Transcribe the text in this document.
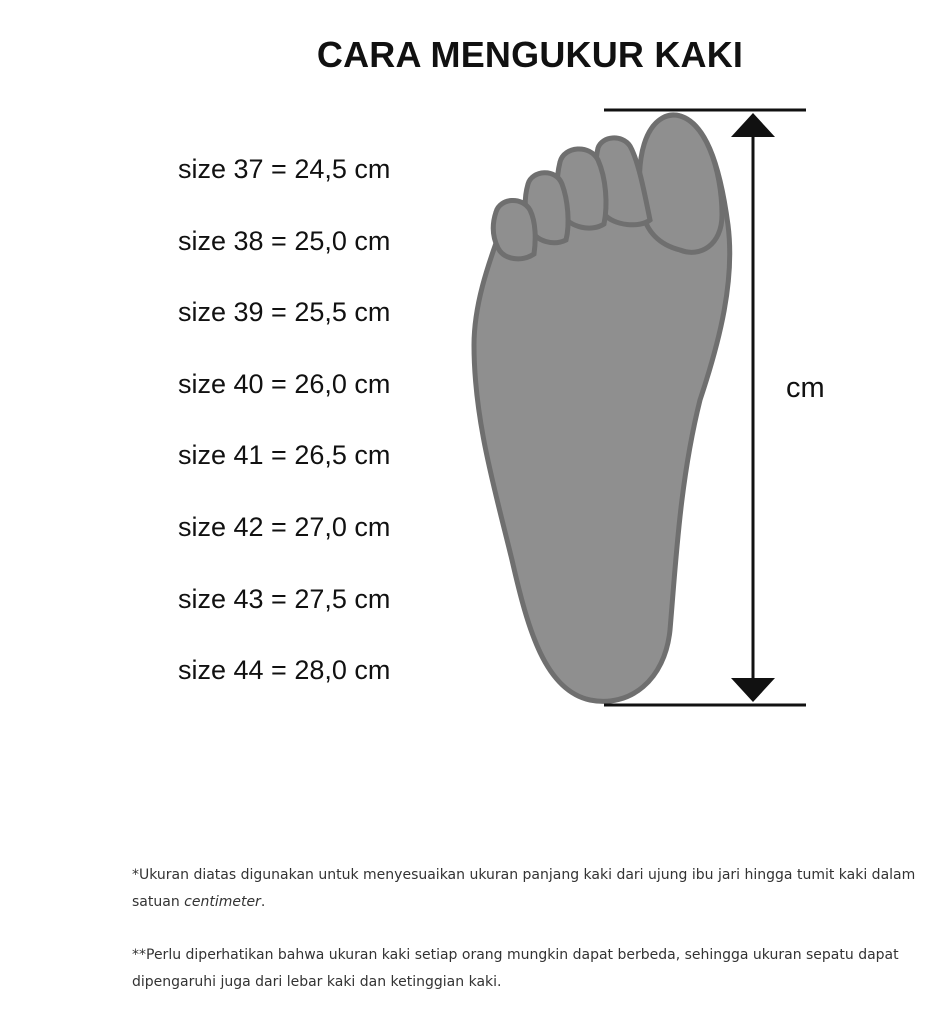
CARA MENGUKUR KAKI
size 37 = 24,5 cm
size 38 = 25,0 cm
size 39 = 25,5 cm
size 40 = 26,0 cm
size 41 = 26,5 cm
size 42 = 27,0 cm
size 43 = 27,5 cm
size 44 = 28,0 cm
cm

*Ukuran diatas digunakan untuk menyesuaikan ukuran panjang kaki dari ujung ibu jari hingga tumit kaki dalam satuan centimeter.

**Perlu diperhatikan bahwa ukuran kaki setiap orang mungkin dapat berbeda, sehingga ukuran sepatu dapat dipengaruhi juga dari lebar kaki dan ketinggian kaki.
